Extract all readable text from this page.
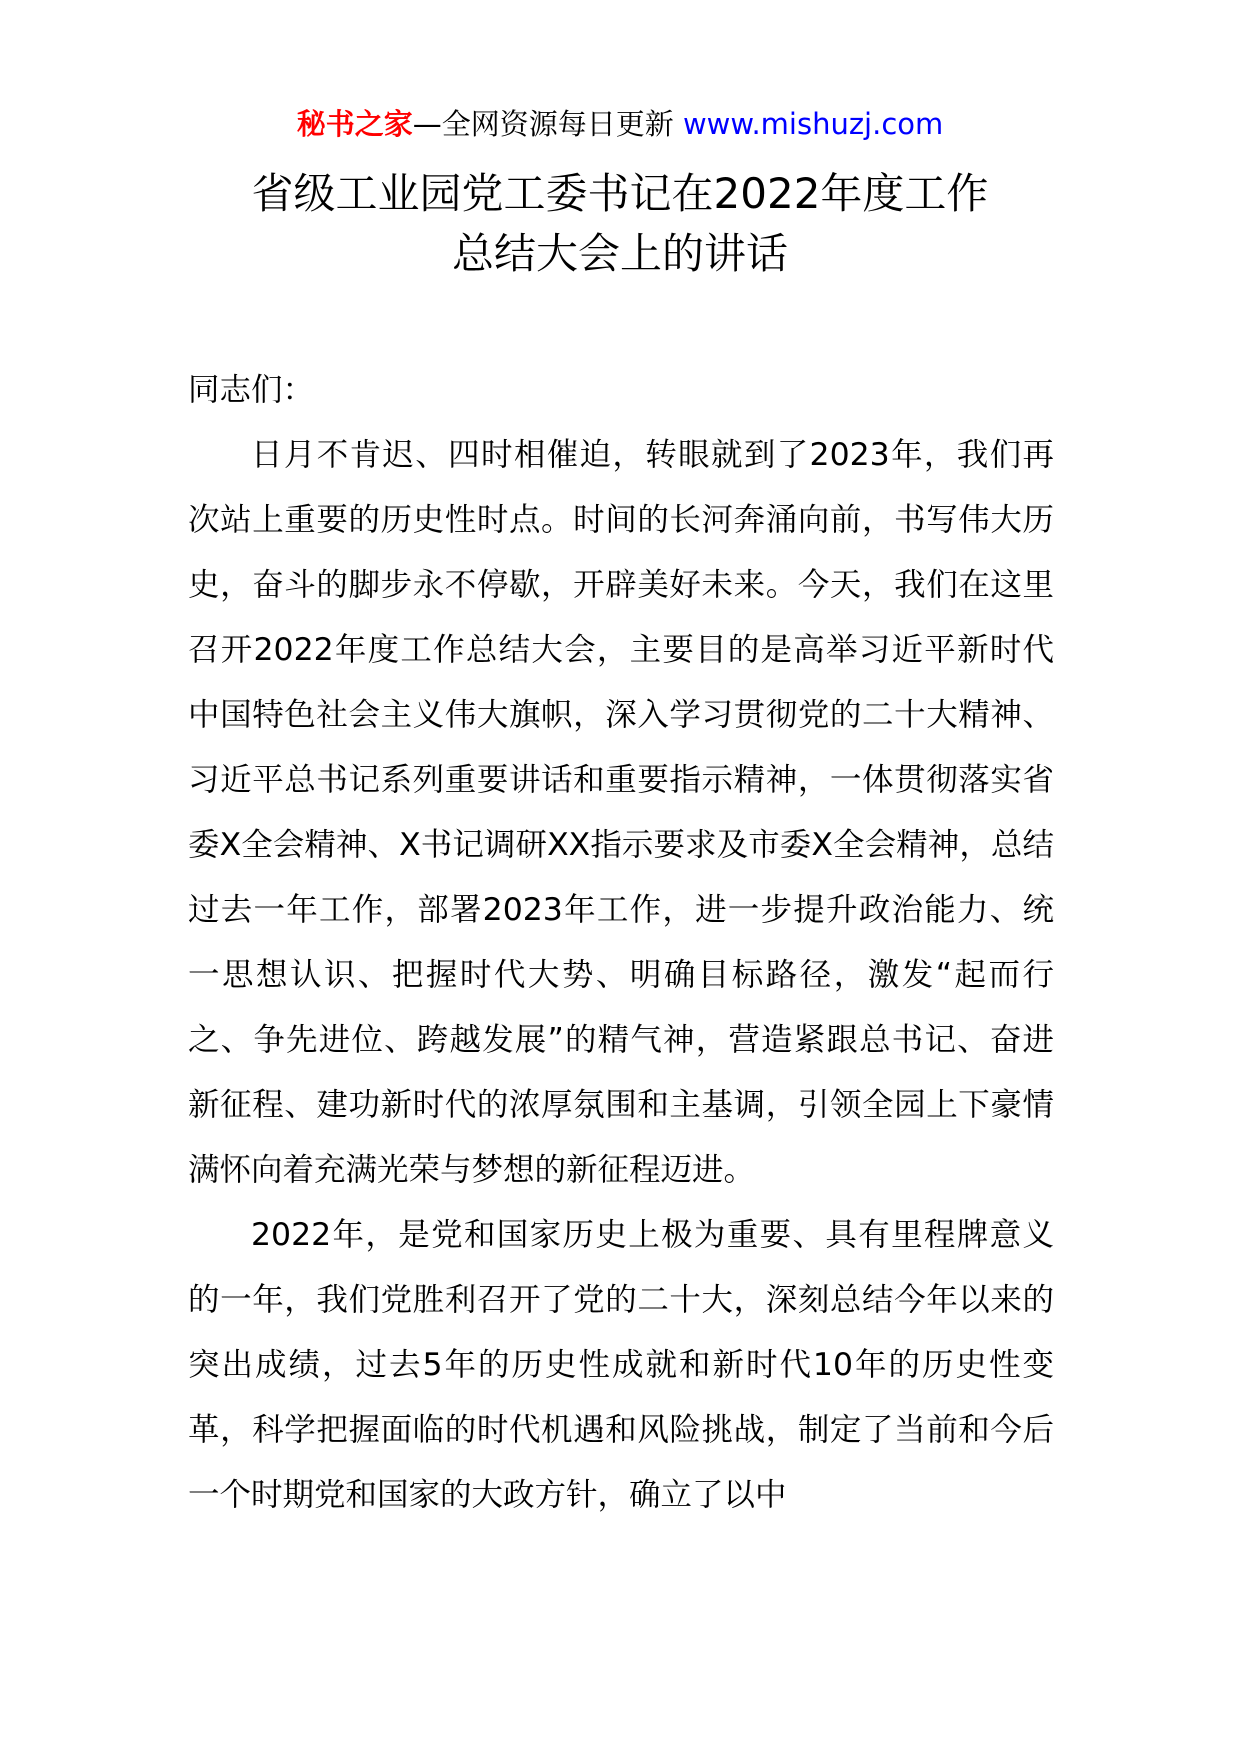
秘书之家—全网资源每日更新 www.mishuzj.com
省级工业园党工委书记在2022年度工作
总结大会上的讲话
同志们：

日月不肯迟、四时相催迫，转眼就到了2023年，我们再次站上重要的历史性时点。时间的长河奔涌向前，书写伟大历史，奋斗的脚步永不停歇，开辟美好未来。今天，我们在这里召开2022年度工作总结大会，主要目的是高举习近平新时代中国特色社会主义伟大旗帜，深入学习贯彻党的二十大精神、习近平总书记系列重要讲话和重要指示精神，一体贯彻落实省委X全会精神、X书记调研XX指示要求及市委X全会精神，总结过去一年工作，部署2023年工作，进一步提升政治能力、统一思想认识、把握时代大势、明确目标路径，激发“起而行之、争先进位、跨越发展”的精气神，营造紧跟总书记、奋进新征程、建功新时代的浓厚氛围和主基调，引领全园上下豪情满怀向着充满光荣与梦想的新征程迈进。

2022年，是党和国家历史上极为重要、具有里程牌意义的一年，我们党胜利召开了党的二十大，深刻总结今年以来的突出成绩，过去5年的历史性成就和新时代10年的历史性变革，科学把握面临的时代机遇和风险挑战，制定了当前和今后一个时期党和国家的大政方针，确立了以中
